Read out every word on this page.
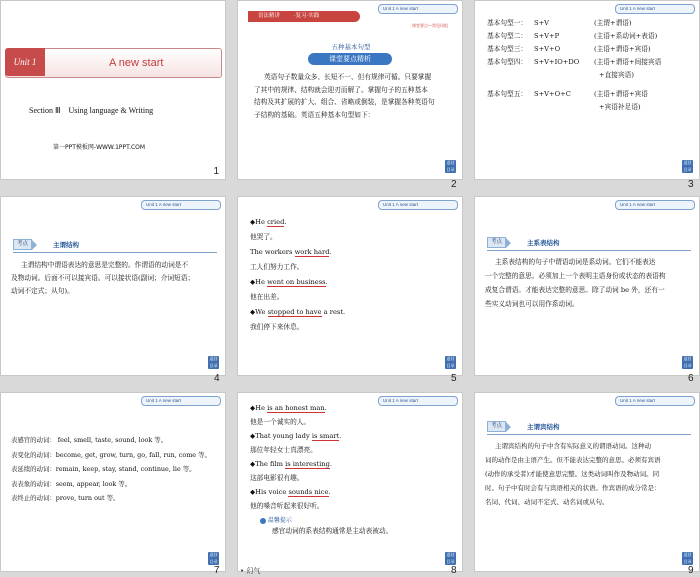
Unit 1	A new start
Section Ⅲ　Using language & Writing
第一PPT模板网-WWW.1PPT.COM
1
Unit 1 A new start
语法精讲	·复习·实践
课堂要点—常见词组
五种基本句型
课堂要点精析
英语句子数量众多、长短不一、但有规律可循。只要掌握
了其中的规律、结构就会迎刃而解了。掌握句子的五种基本
结构及其扩展的扩大、组合、省略或倒装，是掌握各种英语句
子结构的基础。英语五种基本句型如下：
返回 目录
Unit 1 A new start
基本句型一： S+V	(主谓+谓语)
基本句型二： S+V+P	(主语+系动词+表语)
基本句型三： S+V+O	(主语+谓语+宾语)
基本句型四： S+V+IO+DO (主语+谓语+间接宾语
+直接宾语)
基本句型五： S+V+O+C	(主语+谓语+宾语
+宾语补足语)
返回 目录
Unit 1 A new start
考点	主谓结构
主谓结构中谓语表达的意思是完整的。作谓语的动词是不
及物动词。后面不可以接宾语。可以接状语(副词；介词短语；
动词不定式；从句)。
返回 目录
Unit 1 A new start
◆He cried.
他哭了。
The workers work hard.
工人们努力工作。
◆He went on business.
他在出差。
◆We stopped to have a rest.
我们停下来休息。
返回 目录
Unit 1 A new start
考点	主系表结构
主系表结构的句子中谓语动词是系动词。它们不能表达
一个完整的意思。必须加上一个表明主语身份或状态的表语构
成复合谓语。才能表达完整的意思。除了动词 be 外，还有一
些实义动词也可以用作系动词。
返回 目录
Unit 1 A new start
表感官的动词： feel, smell, taste, sound, look 等。
表变化的动词：become, get, grow, turn, go, fall, run, come 等。
表延续的动词：remain, keep, stay, stand, continue, lie 等。
表表象的动词：seem, appear, look 等。
表终止的动词：prove, turn out 等。
返回 目录
Unit 1 A new start
◆He is an honest man.
他是一个诚实的人。
◆That young lady is smart.
那位年轻女士真漂亮。
◆The film is interesting.
这部电影很有趣。
◆His voice sounds nice.
他的嗓音听起来很好听。
温馨提示
感官动词的系表结构通常是主动表被动。
返回 目录
Unit 1 A new start
考点	主谓宾结构
主谓宾结构的句子中含有实际意义的谓语动词。这种动
词的动作是由主语产生。但不能表达完整的意思。必须有宾语
(动作的承受者)才能使意思完整。这类动词叫作及物动词。同
时。句子中有时会有与宾语相关的状语。作宾语的成分常是：
名词、代词、动词不定式、动名词或从句。
返回 目录
2	3
4	5	6
7	8	9
• 幻气
